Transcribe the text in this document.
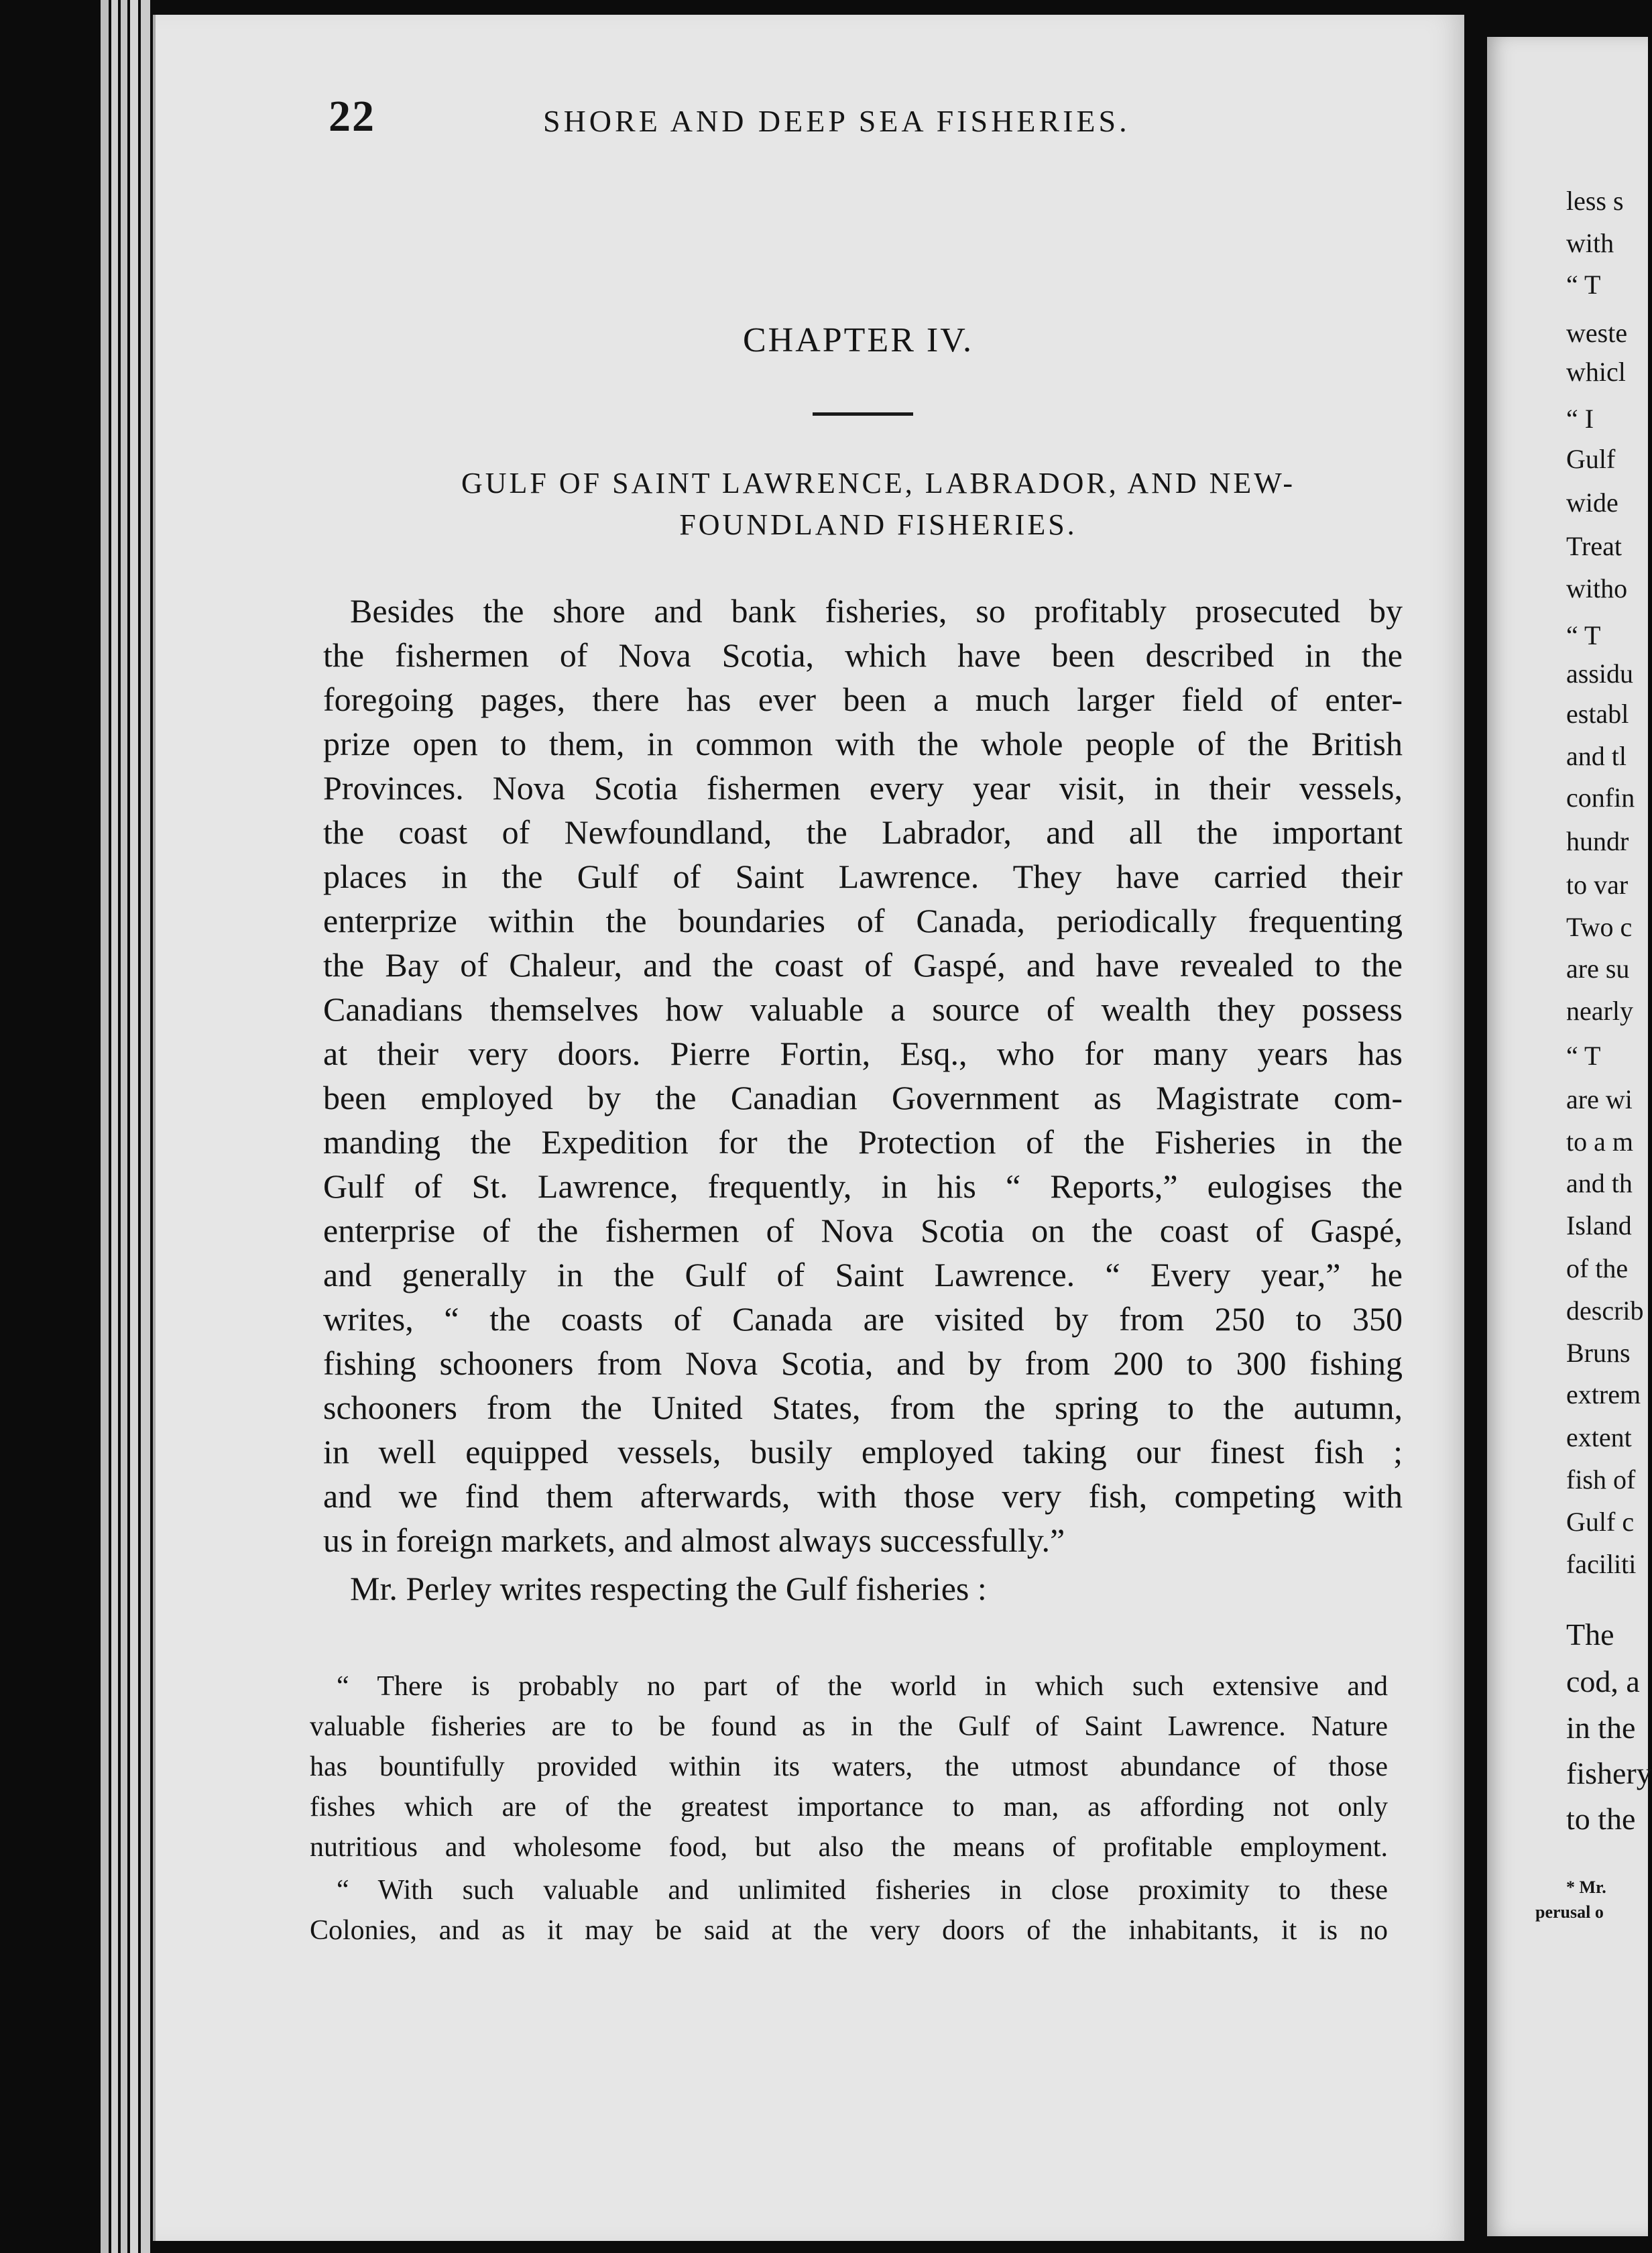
22	SHORE AND DEEP SEA FISHERIES.
CHAPTER IV.
GULF OF SAINT LAWRENCE, LABRADOR, AND NEW-
FOUNDLAND FISHERIES.
Besides the shore and bank fisheries, so profitably prosecuted by
the fishermen of Nova Scotia, which have been described in the
foregoing pages, there has ever been a much larger field of enter-
prize open to them, in common with the whole people of the British
Provinces. Nova Scotia fishermen every year visit, in their vessels,
the coast of Newfoundland, the Labrador, and all the important
places in the Gulf of Saint Lawrence. They have carried their
enterprize within the boundaries of Canada, periodically frequenting
the Bay of Chaleur, and the coast of Gaspé, and have revealed to the
Canadians themselves how valuable a source of wealth they possess
at their very doors. Pierre Fortin, Esq., who for many years has
been employed by the Canadian Government as Magistrate com-
manding the Expedition for the Protection of the Fisheries in the
Gulf of St. Lawrence, frequently, in his “ Reports,” eulogises the
enterprise of the fishermen of Nova Scotia on the coast of Gaspé,
and generally in the Gulf of Saint Lawrence. “ Every year,” he
writes, “ the coasts of Canada are visited by from 250 to 350
fishing schooners from Nova Scotia, and by from 200 to 300 fishing
schooners from the United States, from the spring to the autumn,
in well equipped vessels, busily employed taking our finest fish ;
and we find them afterwards, with those very fish, competing with
us in foreign markets, and almost always successfully.”
Mr. Perley writes respecting the Gulf fisheries :
“ There is probably no part of the world in which such extensive and
valuable fisheries are to be found as in the Gulf of Saint Lawrence. Nature
has bountifully provided within its waters, the utmost abundance of those
fishes which are of the greatest importance to man, as affording not only
nutritious and wholesome food, but also the means of profitable employment.
“ With such valuable and unlimited fisheries in close proximity to these
Colonies, and as it may be said at the very doors of the inhabitants, it is no
less s
with
“ T
weste
whicl
“ I
Gulf
wide
Treat
witho
“ T
assidu
establ
and tl
confin
hundr
to var
Two c
are su
nearly
“ T
are wi
to a m
and th
Island
of the
describ
Bruns
extrem
extent
fish of
Gulf c
faciliti
The
cod, a
in the
fishery
to the
* Mr.
perusal o
